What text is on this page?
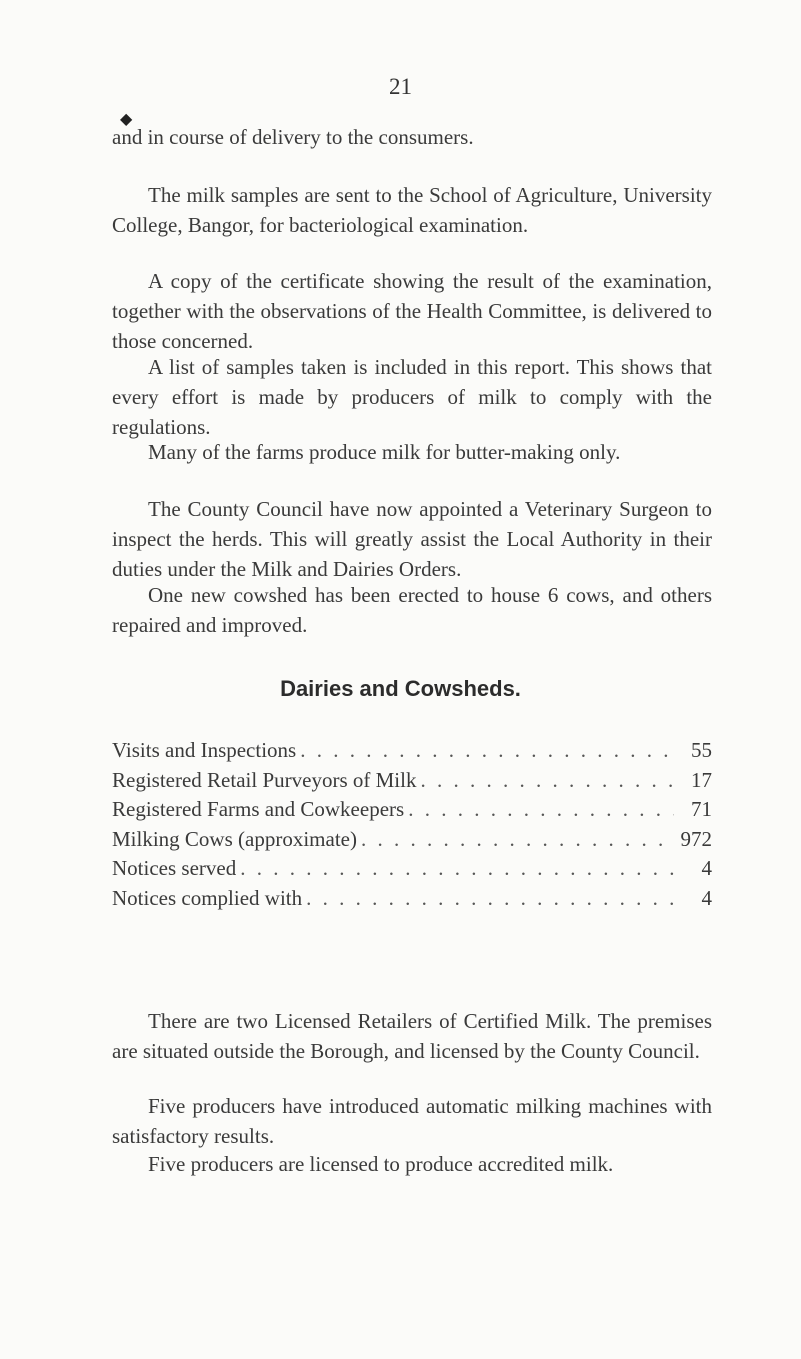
21
◆

and in course of delivery to the consumers.

The milk samples are sent to the School of Agriculture, University College, Bangor, for bacteriological examination.

A copy of the certificate showing the result of the examination, together with the observations of the Health Committee, is delivered to those concerned.

A list of samples taken is included in this report. This shows that every effort is made by producers of milk to comply with the regulations.

Many of the farms produce milk for butter-making only.

The County Council have now appointed a Veterinary Surgeon to inspect the herds. This will greatly assist the Local Authority in their duties under the Milk and Dairies Orders.

One new cowshed has been erected to house 6 cows, and others repaired and improved.

Dairies and Cowsheds.
Visits and Inspections . . .	55
Registered Retail Purveyors of Milk . . .	17
Registered Farms and Cowkeepers . . .	71
Milking Cows (approximate) . . .	972
Notices served . . .	4
Notices complied with . . .	4

There are two Licensed Retailers of Certified Milk. The premises are situated outside the Borough, and licensed by the County Council.

Five producers have introduced automatic milking machines with satisfactory results.

Five producers are licensed to produce accredited milk.
